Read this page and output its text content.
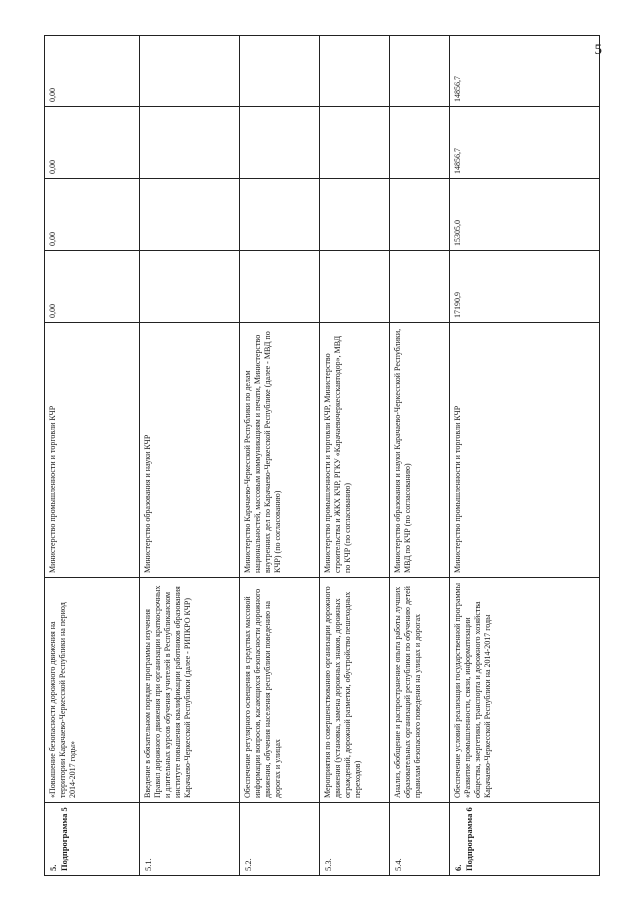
5
5. Подпрограмма 5	«Повышение безопасности дорожного движения на территории Карачаево-Черкесской Республики на период 2014-2017 годы»	Министерство промышленности и торговли КЧР	0,00	0,00	0,00	0,00
5.1.	Введение в обязательном порядке программы изучения Правил дорожного движения при организации краткосрочных и длительных курсов обучения учителей в Республиканском институте повышения квалификации работников образования Карачаево-Черкесской Республики (далее - РИПКРО КЧР)	Министерство образования и науки КЧР				
5.2.	Обеспечение регулярного освещения в средствах массовой информации вопросов, касающихся безопасности дорожного движения, обучения населения республики поведению на дорогах и улицах	Министерство Карачаево-Черкесской Республики по делам национальностей, массовым коммуникациям и печати, Министерство внутренних дел по Карачаево-Черкесской Республике (далее - МВД по КЧР) (по согласованию)				
5.3.	Мероприятия по совершенствованию организации дорожного движения (установка, замена дорожных знаков, дорожных ограждений, дорожной разметки, обустройство пешеходных переходов)	Министерство промышленности и торговли КЧР, Министерство строительства и ЖКХ КЧР, РГКУ «Карачаевочеркесскавтодор», МВД по КЧР (по согласованию)				
5.4.	Анализ, обобщение и распространение опыта работы лучших образовательных организаций республики по обучению детей правилам безопасного поведения на улицах и дорогах	Министерство образования и науки Карачаево-Черкесской Республики, МВД по КЧР (по согласованию)				
6. Подпрограмма 6	Обеспечение условий реализации государственной программы «Развитие промышленности, связи, информатизации общества, энергетики, транспорта и дорожного хозяйства Карачаево-Черкесской Республики на 2014-2017 годы	Министерство промышленности и торговли КЧР	17190,9	15305,0	14856,7	14856,7
